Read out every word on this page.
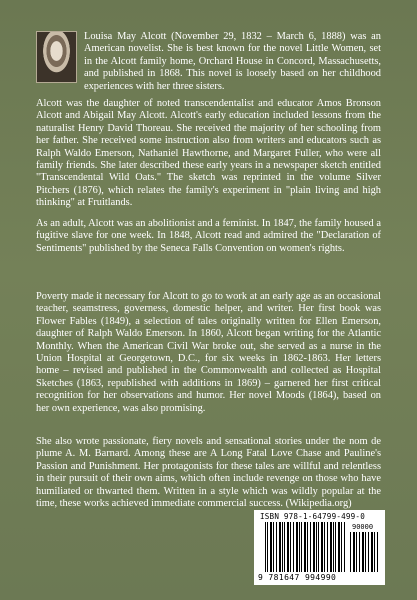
Louisa May Alcott (November 29, 1832 – March 6, 1888) was an American novelist. She is best known for the novel Little Women, set in the Alcott family home, Orchard House in Concord, Massachusetts, and published in 1868. This novel is loosely based on her childhood experiences with her three sisters.

Alcott was the daughter of noted transcendentalist and educator Amos Bronson Alcott and Abigail May Alcott. Alcott's early education included lessons from the naturalist Henry David Thoreau. She received the majority of her schooling from her father. She received some instruction also from writers and educators such as Ralph Waldo Emerson, Nathaniel Hawthorne, and Margaret Fuller, who were all family friends. She later described these early years in a newspaper sketch entitled "Transcendental Wild Oats." The sketch was reprinted in the volume Silver Pitchers (1876), which relates the family's experiment in "plain living and high thinking" at Fruitlands.

As an adult, Alcott was an abolitionist and a feminist. In 1847, the family housed a fugitive slave for one week. In 1848, Alcott read and admired the "Declaration of Sentiments" published by the Seneca Falls Convention on women's rights.

Poverty made it necessary for Alcott to go to work at an early age as an occasional teacher, seamstress, governess, domestic helper, and writer. Her first book was Flower Fables (1849), a selection of tales originally written for Ellen Emerson, daughter of Ralph Waldo Emerson. In 1860, Alcott began writing for the Atlantic Monthly. When the American Civil War broke out, she served as a nurse in the Union Hospital at Georgetown, D.C., for six weeks in 1862-1863. Her letters home – revised and published in the Commonwealth and collected as Hospital Sketches (1863, republished with additions in 1869) – garnered her first critical recognition for her observations and humor. Her novel Moods (1864), based on her own experience, was also promising.

She also wrote passionate, fiery novels and sensational stories under the nom de plume A. M. Barnard. Among these are A Long Fatal Love Chase and Pauline's Passion and Punishment. Her protagonists for these tales are willful and relentless in their pursuit of their own aims, which often include revenge on those who have humiliated or thwarted them. Written in a style which was wildly popular at the time, these works achieved immediate commercial success. (Wikipedia.org)

ISBN 978-1-64799-499-0
90000
9 781647 994990
